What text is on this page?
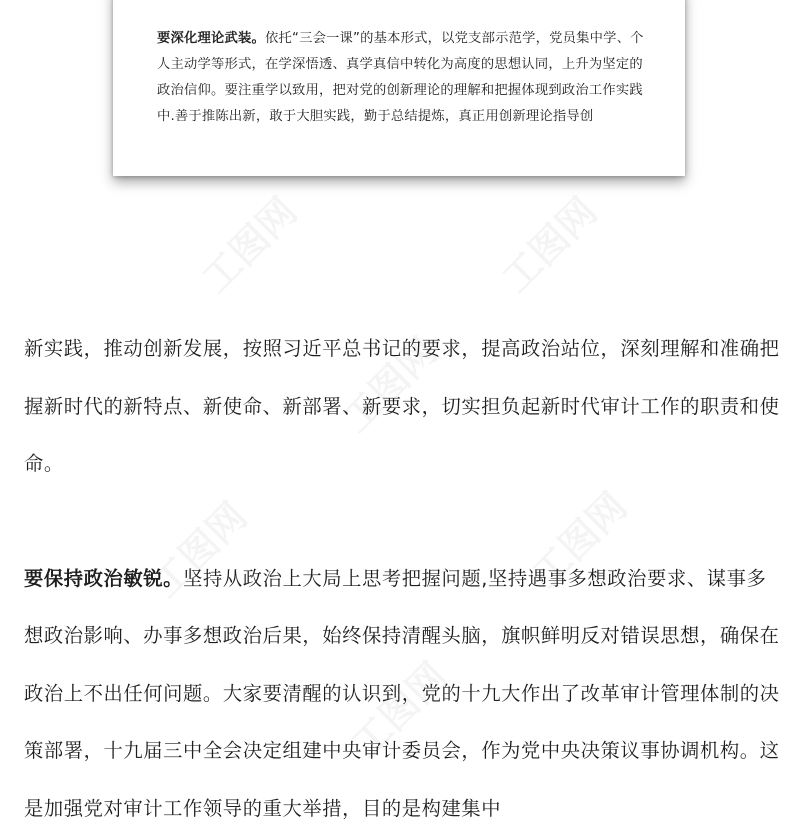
要深化理论武装。依托“三会一课”的基本形式，以党支部示范学，党员集中学、个人主动学等形式，在学深悟透、真学真信中转化为高度的思想认同，上升为坚定的政治信仰。要注重学以致用，把对党的创新理论的理解和把握体现到政治工作实践中.善于推陈出新，敢于大胆实践，勤于总结提炼，真正用创新理论指导创

新实践，推动创新发展，按照习近平总书记的要求，提高政治站位，深刻理解和准确把握新时代的新特点、新使命、新部署、新要求，切实担负起新时代审计工作的职责和使命。

要保持政治敏锐。坚持从政治上大局上思考把握问题,坚持遇事多想政治要求、谋事多想政治影响、办事多想政治后果，始终保持清醒头脑，旗帜鲜明反对错误思想，确保在政治上不出任何问题。大家要清醒的认识到，党的十九大作出了改革审计管理体制的决策部署，十九届三中全会决定组建中央审计委员会，作为党中央决策议事协调机构。这是加强党对审计工作领导的重大举措，目的是构建集中
